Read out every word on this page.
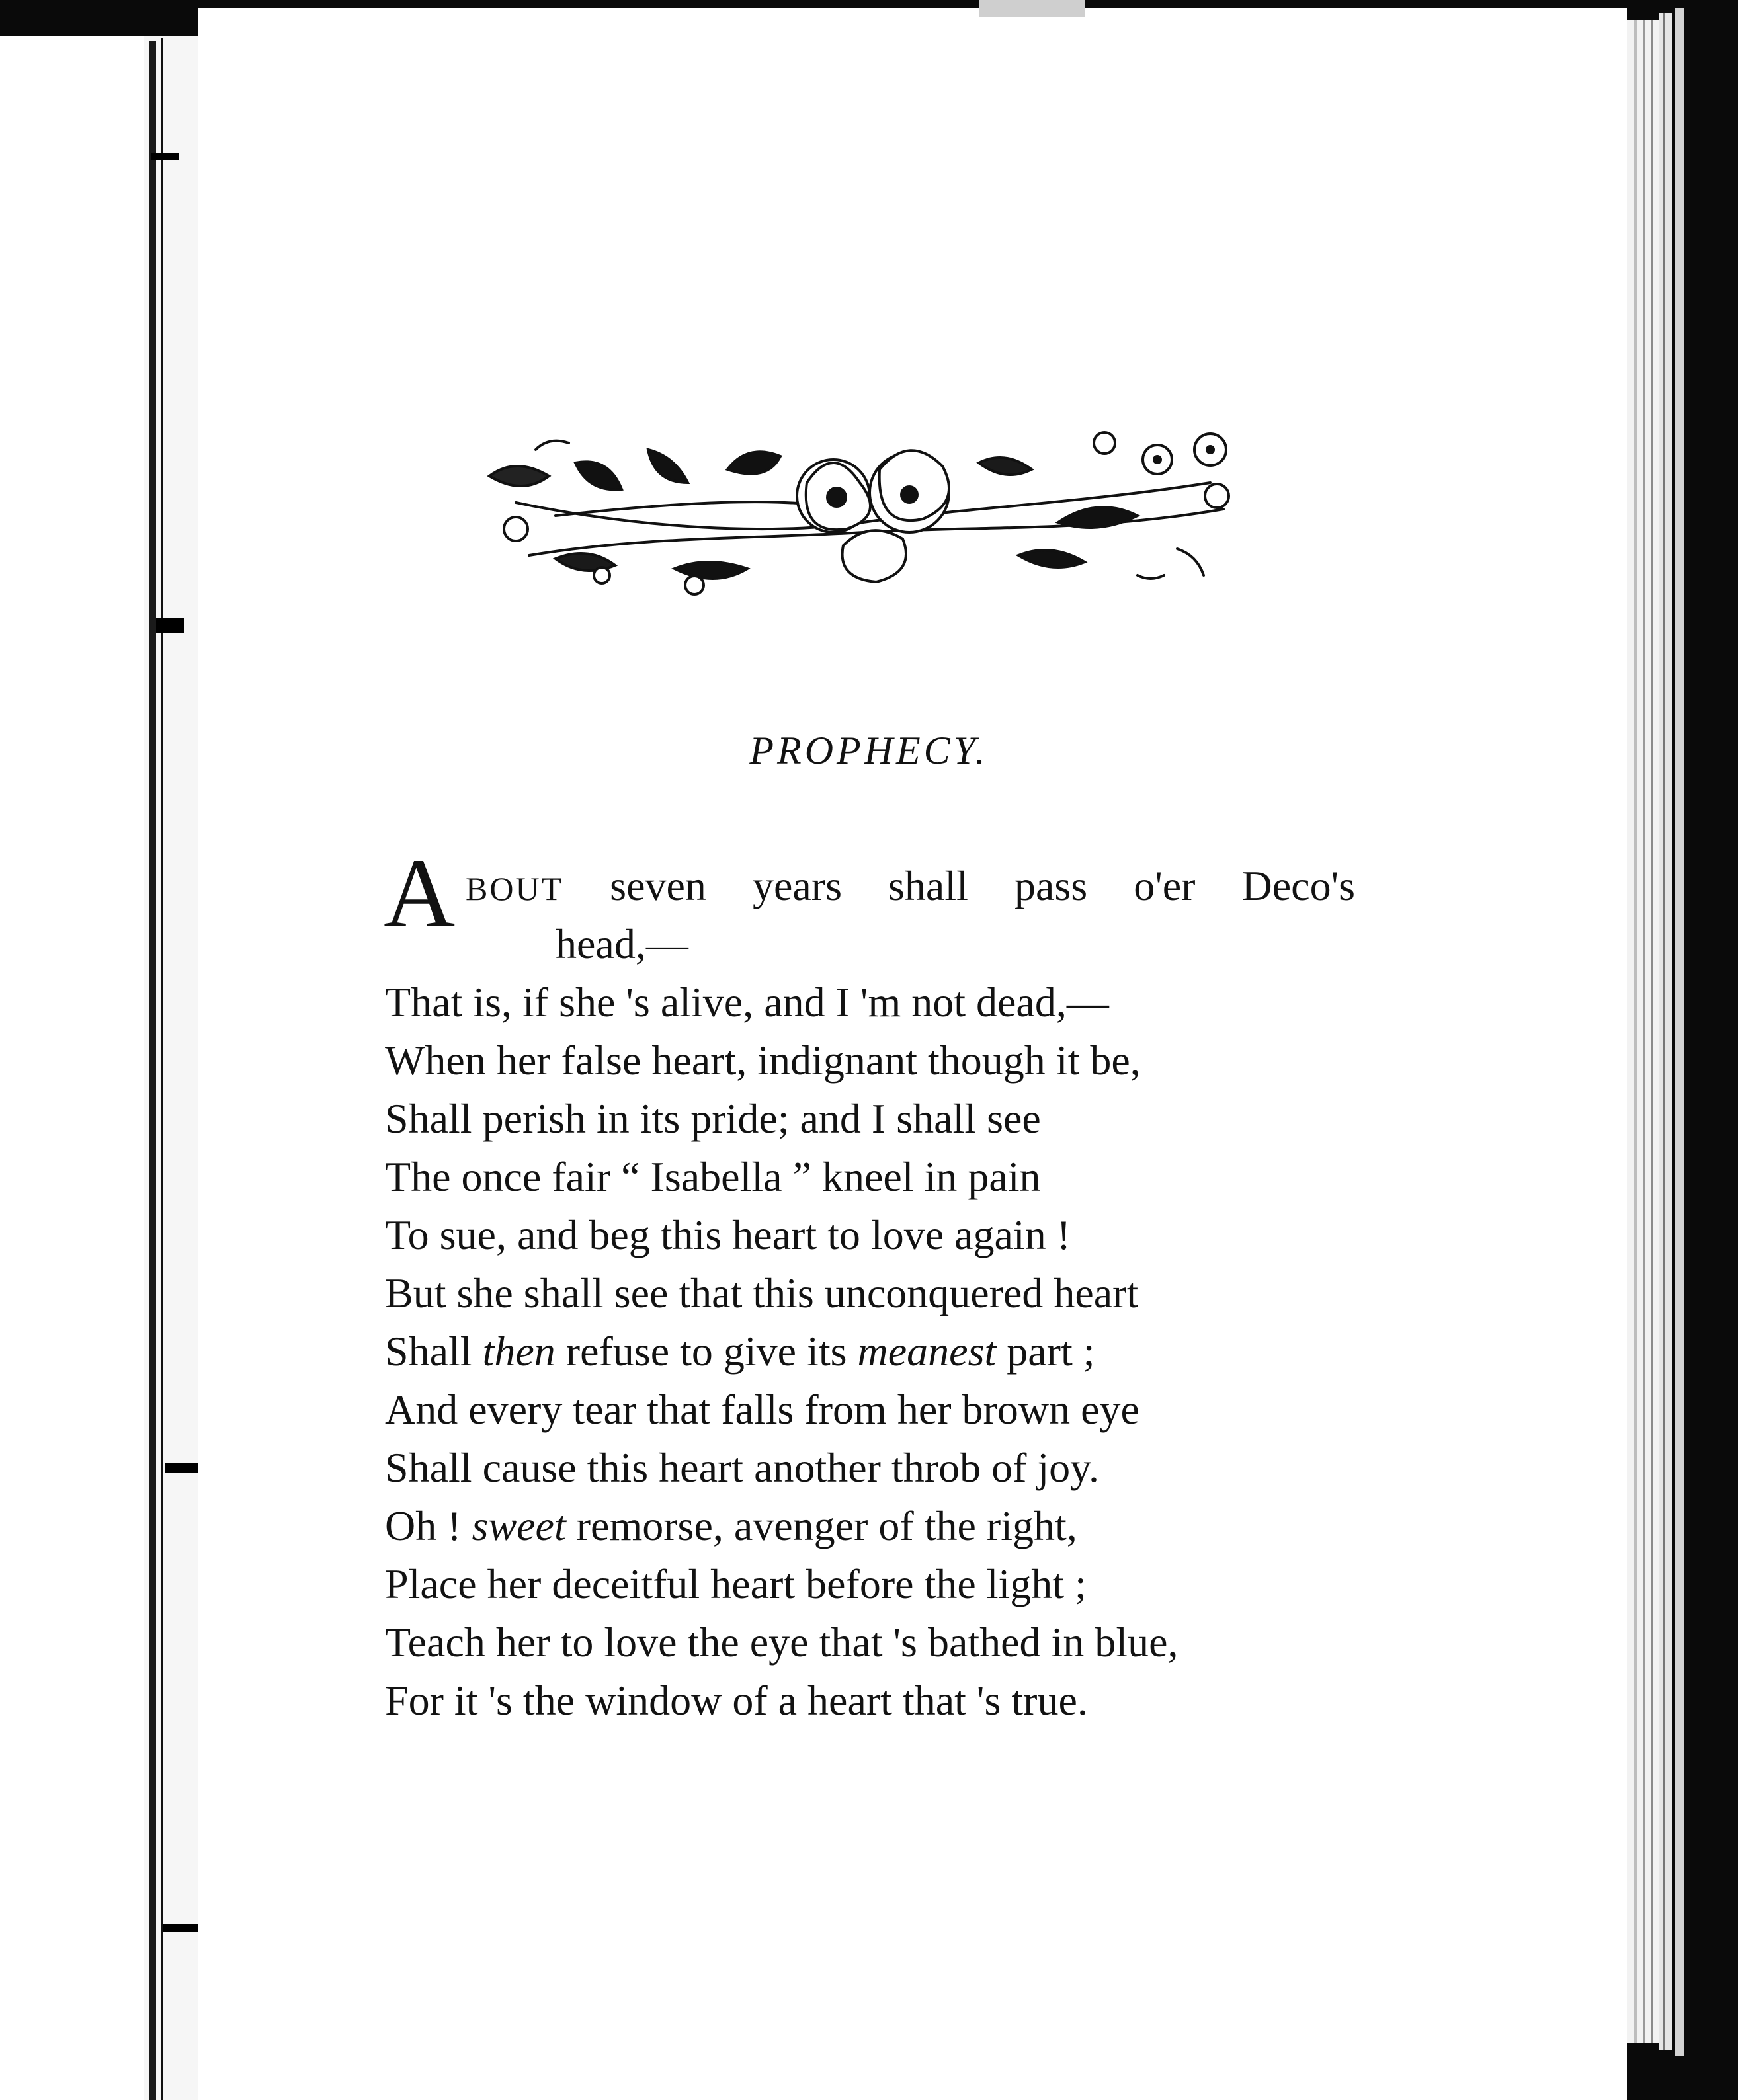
PROPHECY.
A BOUT seven years shall pass o'er Deco's
head,—
That is, if she 's alive, and I 'm not dead,—
When her false heart, indignant though it be,
Shall perish in its pride; and I shall see
The once fair “ Isabella ” kneel in pain
To sue, and beg this heart to love again !
But she shall see that this unconquered heart
Shall then refuse to give its meanest part ;
And every tear that falls from her brown eye
Shall cause this heart another throb of joy.
Oh ! sweet remorse, avenger of the right,
Place her deceitful heart before the light ;
Teach her to love the eye that 's bathed in blue,
For it 's the window of a heart that 's true.
